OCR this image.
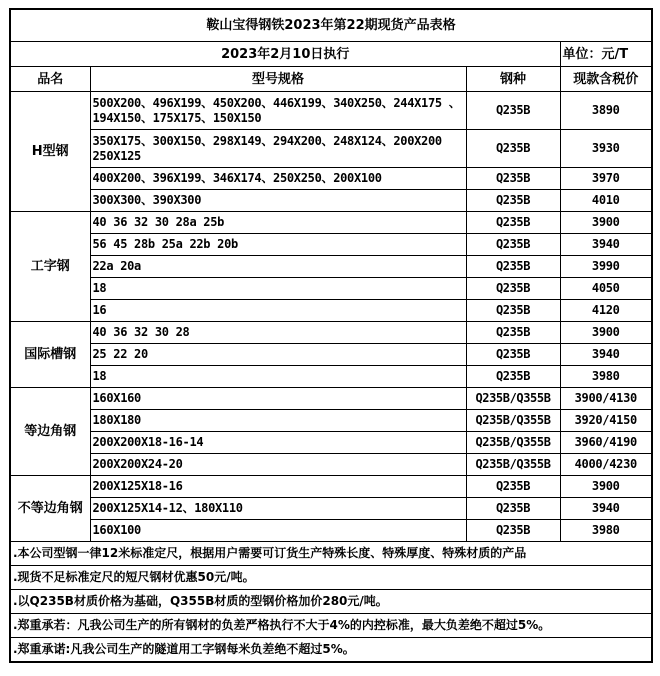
鞍山宝得钢铁2023年第22期现货产品表格			
2023年2月10日执行			单位：元/T
品名	型号规格	钢种	现款含税价
H型钢	500X200、496X199、450X200、446X199、340X250、244X175 、194X150、175X175、150X150	Q235B	3890
	350X175、300X150、298X149、294X200、248X124、200X200 250X125	Q235B	3930
	400X200、396X199、346X174、250X250、200X100	Q235B	3970
	300X300、390X300	Q235B	4010
工字钢	40 36 32 30 28a 25b	Q235B	3900
	56 45 28b 25a 22b 20b	Q235B	3940
	22a 20a	Q235B	3990
	18	Q235B	4050
	16	Q235B	4120
国际槽钢	40 36 32 30 28	Q235B	3900
	25 22 20	Q235B	3940
	18	Q235B	3980
等边角钢	160X160	Q235B/Q355B	3900/4130
	180X180	Q235B/Q355B	3920/4150
	200X200X18-16-14	Q235B/Q355B	3960/4190
	200X200X24-20	Q235B/Q355B	4000/4230
不等边角钢	200X125X18-16	Q235B	3900
	200X125X14-12、180X110	Q235B	3940
	160X100	Q235B	3980
.本公司型钢一律12米标准定尺，根据用户需要可订货生产特殊长度、特殊厚度、特殊材质的产品			
.现货不足标准定尺的短尺钢材优惠50元/吨。			
.以Q235B材质价格为基础，Q355B材质的型钢价格加价280元/吨。			
.郑重承若：凡我公司生产的所有钢材的负差严格执行不大于4%的内控标准，最大负差绝不超过5%。			
.郑重承诺:凡我公司生产的隧道用工字钢每米负差绝不超过5%。			
